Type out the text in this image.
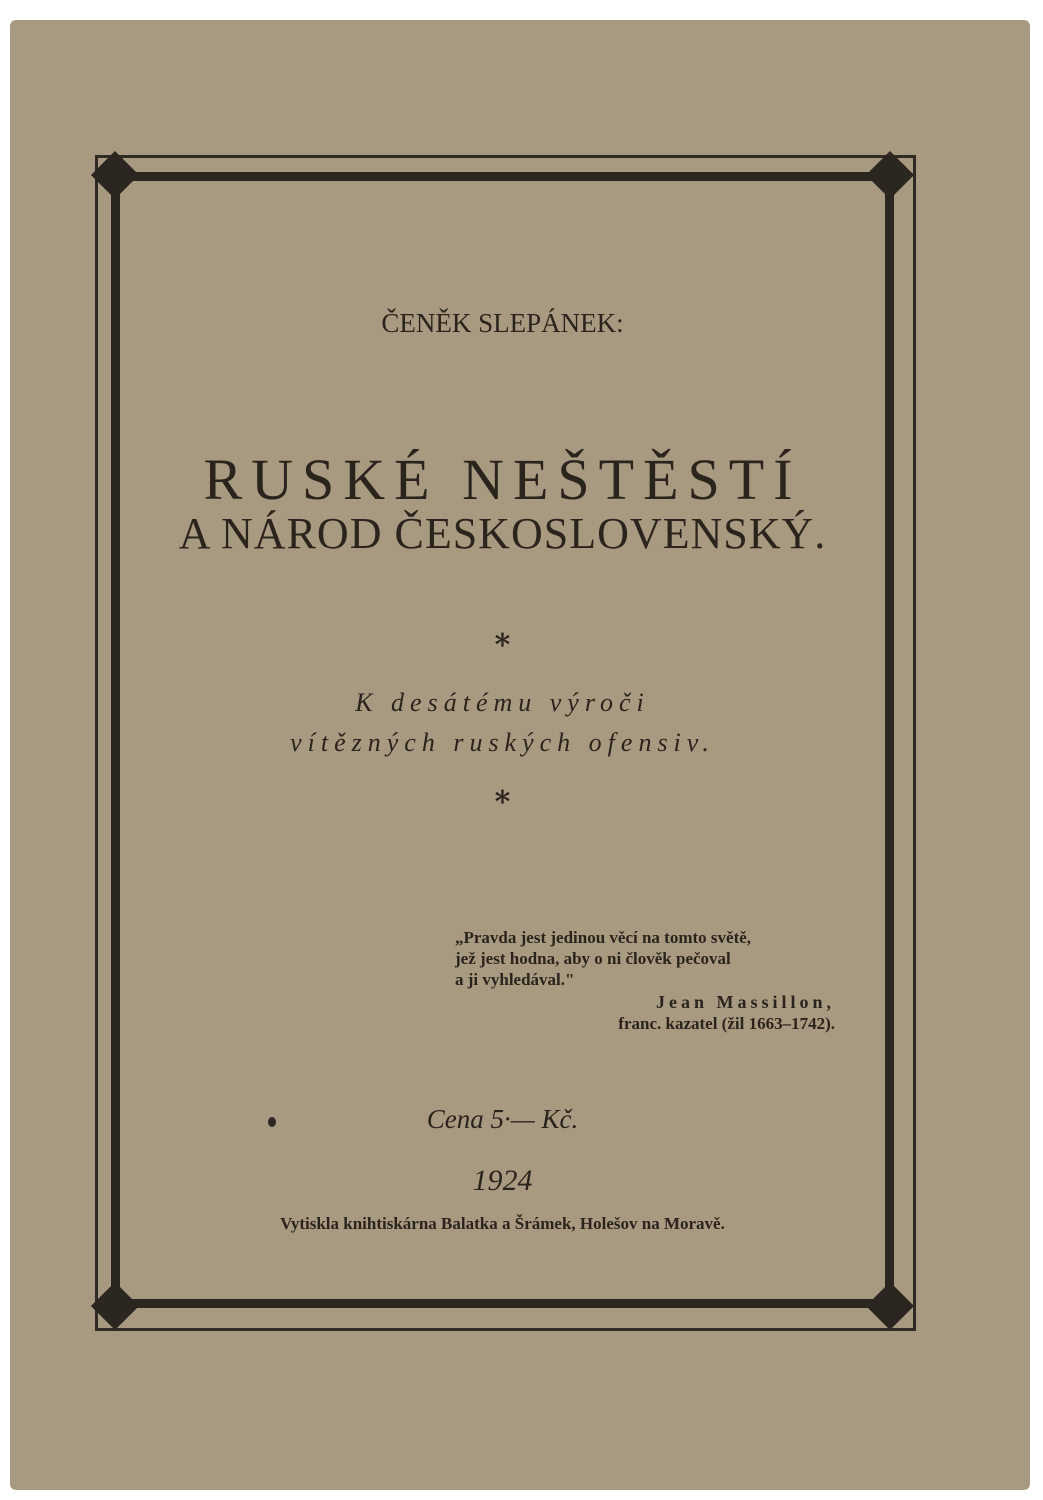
ČENĚK SLEPÁNEK:
RUSKÉ NEŠTĚSTÍ
A NÁROD ČESKOSLOVENSKÝ.
*
K desátému výroči
vítězných ruských ofensiv.
*
„Pravda jest jedinou věcí na tomto světě,
jež jest hodna, aby o ni člověk pečoval
a ji vyhledával."
Jean Massillon,
franc. kazatel (žil 1663–1742).
Cena 5·— Kč.
1924
Vytiskla knihtiskárna Balatka a Šrámek, Holešov na Moravě.
